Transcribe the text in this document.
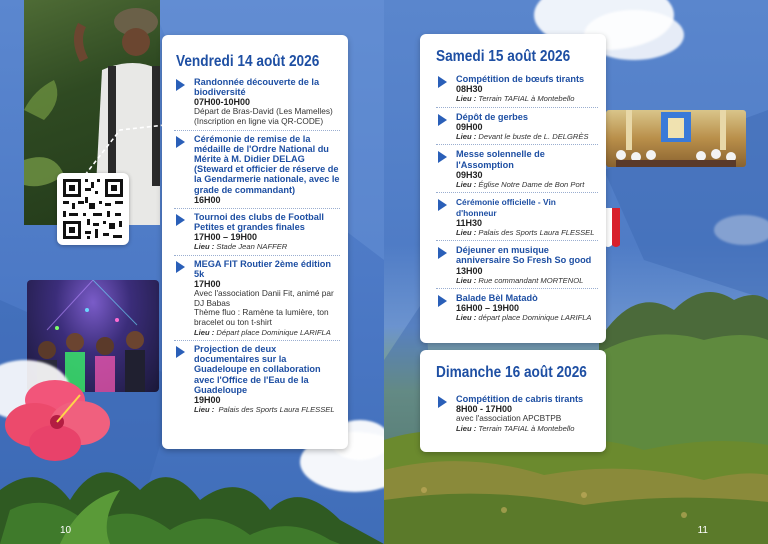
Vendredi 14 août 2026
Randonnée découverte de la biodiversité
07H00-10H00
Départ de Bras-David (Les Mamelles)
(Inscription en ligne via QR-CODE)
Cérémonie de remise de la médaille de l'Ordre National du Mérite à M. Didier DELAG (Steward et officier de réserve de la Gendarmerie nationale, avec le grade de commandant)
16H00
Tournoi des clubs de Football Petites et grandes finales
17H00 – 19H00
Lieu : Stade Jean NAFFER
MEGA FIT Routier 2ème édition 5k
17H00
Avec l'association Danii Fit, animé par DJ Babas
Thème fluo : Ramène ta lumière, ton bracelet ou ton t-shirt
Lieu : Départ place Dominique LARIFLA
Projection de deux documentaires sur la Guadeloupe en collaboration avec l'Office de l'Eau de la Guadeloupe
19H00
Lieu : Palais des Sports Laura FLESSEL
10
Samedi 15 août 2026
Compétition de bœufs tirants
08H30
Lieu : Terrain TAFIAL à Montebello
Dépôt de gerbes
09H00
Lieu : Devant le buste de L. DELGRÈS
Messe solennelle de l'Assomption
09H30
Lieu : Église Notre Dame de Bon Port
Cérémonie officielle - Vin d'honneur
11H30
Lieu : Palais des Sports Laura FLESSEL
Déjeuner en musique anniversaire So Fresh So good
13H00
Lieu : Rue commandant MORTENOL
Balade Bèl Matadò
16H00 – 19H00
Lieu : départ place Dominique LARIFLA
Dimanche 16 août 2026
Compétition de cabris tirants
8H00 - 17H00
avec l'association APCBTPB
Lieu : Terrain TAFIAL à Montebello
11
